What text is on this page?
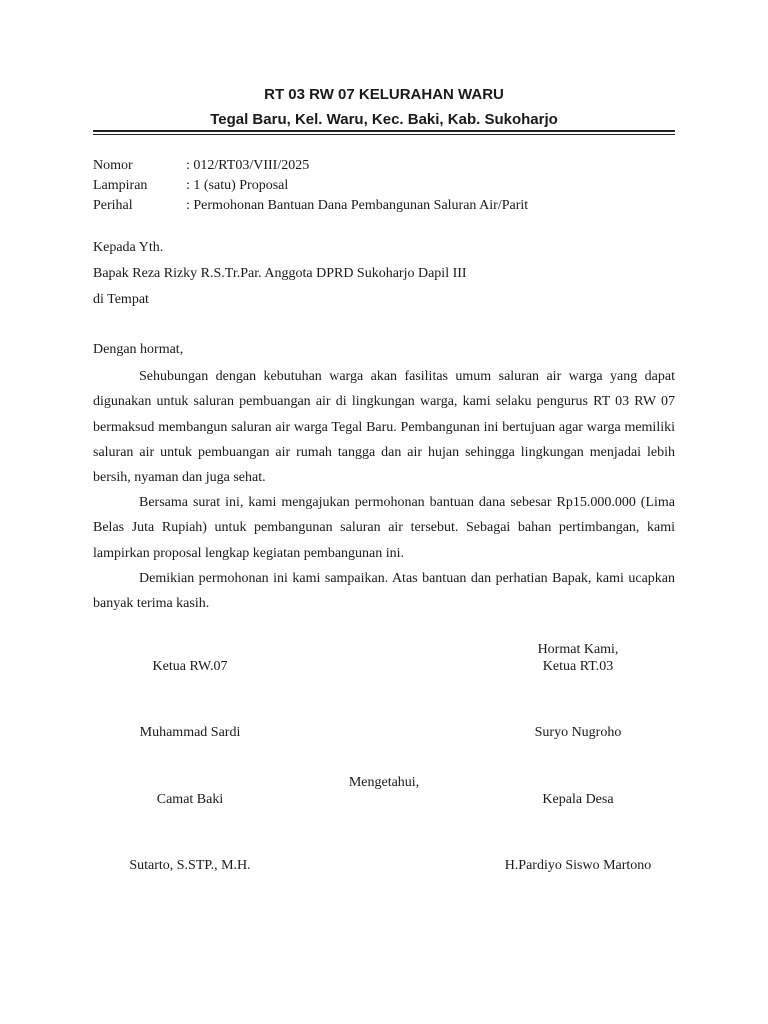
RT 03 RW 07 KELURAHAN WARU
Tegal Baru, Kel. Waru, Kec. Baki, Kab. Sukoharjo
Nomor	: 012/RT03/VIII/2025
Lampiran	: 1 (satu) Proposal
Perihal	: Permohonan Bantuan Dana Pembangunan Saluran Air/Parit
Kepada Yth.
Bapak Reza Rizky R.S.Tr.Par. Anggota DPRD Sukoharjo Dapil III
di Tempat
Dengan hormat,

Sehubungan dengan kebutuhan warga akan fasilitas umum saluran air warga yang dapat digunakan untuk saluran pembuangan air di lingkungan warga, kami selaku pengurus RT 03 RW 07 bermaksud membangun saluran air warga Tegal Baru. Pembangunan ini bertujuan agar warga memiliki saluran air untuk pembuangan air rumah tangga dan air hujan sehingga lingkungan menjadai lebih bersih, nyaman dan juga sehat.

Bersama surat ini, kami mengajukan permohonan bantuan dana sebesar Rp15.000.000 (Lima Belas Juta Rupiah) untuk pembangunan saluran air tersebut. Sebagai bahan pertimbangan, kami lampirkan proposal lengkap kegiatan pembangunan ini.

Demikian permohonan ini kami sampaikan. Atas bantuan dan perhatian Bapak, kami ucapkan banyak terima kasih.

Hormat Kami,
Ketua RT.03
Ketua RW.07
Muhammad Sardi	Suryo Nugroho
Mengetahui,
Camat Baki	Kepala Desa
Sutarto, S.STP., M.H.	H.Pardiyo Siswo Martono
